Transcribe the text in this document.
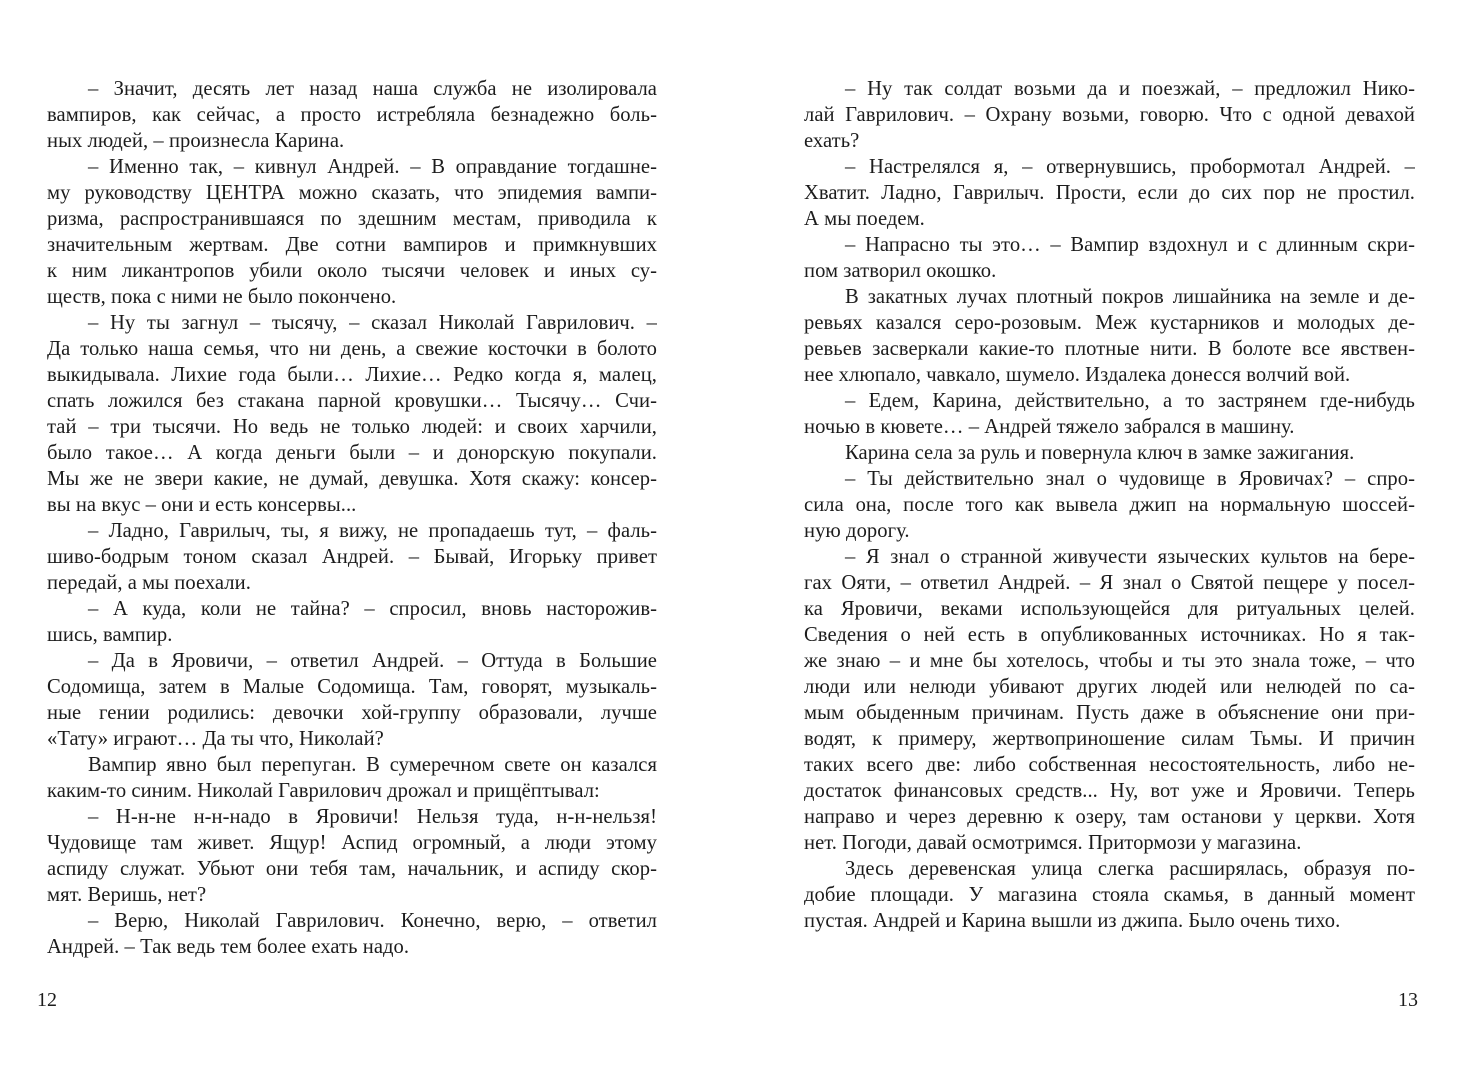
– Значит, десять лет назад наша служба не изолировала
вампиров, как сейчас, а просто истребляла безнадежно боль-
ных людей, – произнесла Карина.
– Именно так, – кивнул Андрей. – В оправдание тогдашне-
му руководству ЦЕНТРА можно сказать, что эпидемия вампи-
ризма, распространившаяся по здешним местам, приводила к
значительным жертвам. Две сотни вампиров и примкнувших
к ним ликантропов убили около тысячи человек и иных су-
ществ, пока с ними не было покончено.
– Ну ты загнул – тысячу, – сказал Николай Гаврилович. –
Да только наша семья, что ни день, а свежие косточки в болото
выкидывала. Лихие года были… Лихие… Редко когда я, малец,
спать ложился без стакана парной кровушки… Тысячу… Счи-
тай – три тысячи. Но ведь не только людей: и своих харчили,
было такое… А когда деньги были – и донорскую покупали.
Мы же не звери какие, не думай, девушка. Хотя скажу: консер-
вы на вкус – они и есть консервы...
– Ладно, Гаврилыч, ты, я вижу, не пропадаешь тут, – фаль-
шиво-бодрым тоном сказал Андрей. – Бывай, Игорьку привет
передай, а мы поехали.
– А куда, коли не тайна? – спросил, вновь насторожив-
шись, вампир.
– Да в Яровичи, – ответил Андрей. – Оттуда в Большие
Содомища, затем в Малые Содомища. Там, говорят, музыкаль-
ные гении родились: девочки хой-группу образовали, лучше
«Тату» играют… Да ты что, Николай?
Вампир явно был перепуган. В сумеречном свете он казался
каким-то синим. Николай Гаврилович дрожал и прищёптывал:
– Н-н-не н-н-надо в Яровичи! Нельзя туда, н-н-нельзя!
Чудовище там живет. Ящур! Аспид огромный, а люди этому
аспиду служат. Убьют они тебя там, начальник, и аспиду скор-
мят. Веришь, нет?
– Верю, Николай Гаврилович. Конечно, верю, – ответил
Андрей. – Так ведь тем более ехать надо.
12
– Ну так солдат возьми да и поезжай, – предложил Нико-
лай Гаврилович. – Охрану возьми, говорю. Что с одной девахой
ехать?
– Настрелялся я, – отвернувшись, пробормотал Андрей. –
Хватит. Ладно, Гаврилыч. Прости, если до сих пор не простил.
А мы поедем.
– Напрасно ты это… – Вампир вздохнул и с длинным скри-
пом затворил окошко.
В закатных лучах плотный покров лишайника на земле и де-
ревьях казался серо-розовым. Меж кустарников и молодых де-
ревьев засверкали какие-то плотные нити. В болоте все явствен-
нее хлюпало, чавкало, шумело. Издалека донесся волчий вой.
– Едем, Карина, действительно, а то застрянем где-нибудь
ночью в кювете… – Андрей тяжело забрался в машину.
Карина села за руль и повернула ключ в замке зажигания.
– Ты действительно знал о чудовище в Яровичах? – спро-
сила она, после того как вывела джип на нормальную шоссей-
ную дорогу.
– Я знал о странной живучести языческих культов на бере-
гах Ояти, – ответил Андрей. – Я знал о Святой пещере у посел-
ка Яровичи, веками использующейся для ритуальных целей.
Сведения о ней есть в опубликованных источниках. Но я так-
же знаю – и мне бы хотелось, чтобы и ты это знала тоже, – что
люди или нелюди убивают других людей или нелюдей по са-
мым обыденным причинам. Пусть даже в объяснение они при-
водят, к примеру, жертвоприношение силам Тьмы. И причин
таких всего две: либо собственная несостоятельность, либо не-
достаток финансовых средств... Ну, вот уже и Яровичи. Теперь
направо и через деревню к озеру, там останови у церкви. Хотя
нет. Погоди, давай осмотримся. Притормози у магазина.
Здесь деревенская улица слегка расширялась, образуя по-
добие площади. У магазина стояла скамья, в данный момент
пустая. Андрей и Карина вышли из джипа. Было очень тихо.
13
